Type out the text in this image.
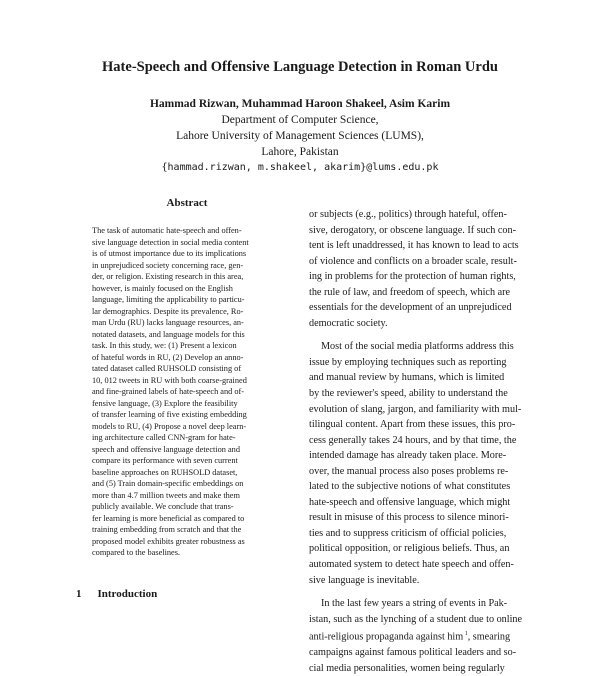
Hate-Speech and Offensive Language Detection in Roman Urdu
Hammad Rizwan, Muhammad Haroon Shakeel, Asim Karim
Department of Computer Science,
Lahore University of Management Sciences (LUMS),
Lahore, Pakistan
{hammad.rizwan, m.shakeel, akarim}@lums.edu.pk
Abstract
The task of automatic hate-speech and offen-
sive language detection in social media content
is of utmost importance due to its implications
in unprejudiced society concerning race, gen-
der, or religion. Existing research in this area,
however, is mainly focused on the English
language, limiting the applicability to particu-
lar demographics. Despite its prevalence, Ro-
man Urdu (RU) lacks language resources, an-
notated datasets, and language models for this
task. In this study, we: (1) Present a lexicon
of hateful words in RU, (2) Develop an anno-
tated dataset called RUHSOLD consisting of
10, 012 tweets in RU with both coarse-grained
and fine-grained labels of hate-speech and of-
fensive language, (3) Explore the feasibility
of transfer learning of five existing embedding
models to RU, (4) Propose a novel deep learn-
ing architecture called CNN-gram for hate-
speech and offensive language detection and
compare its performance with seven current
baseline approaches on RUHSOLD dataset,
and (5) Train domain-specific embeddings on
more than 4.7 million tweets and make them
publicly available. We conclude that trans-
fer learning is more beneficial as compared to
training embedding from scratch and that the
proposed model exhibits greater robustness as
compared to the baselines.
1 Introduction
or subjects (e.g., politics) through hateful, offen-
sive, derogatory, or obscene language. If such con-
tent is left unaddressed, it has known to lead to acts
of violence and conflicts on a broader scale, result-
ing in problems for the protection of human rights,
the rule of law, and freedom of speech, which are
essentials for the development of an unprejudiced
democratic society.
Most of the social media platforms address this
issue by employing techniques such as reporting
and manual review by humans, which is limited
by the reviewer's speed, ability to understand the
evolution of slang, jargon, and familiarity with mul-
tilingual content. Apart from these issues, this pro-
cess generally takes 24 hours, and by that time, the
intended damage has already taken place. More-
over, the manual process also poses problems re-
lated to the subjective notions of what constitutes
hate-speech and offensive language, which might
result in misuse of this process to silence minori-
ties and to suppress criticism of official policies,
political opposition, or religious beliefs. Thus, an
automated system to detect hate speech and offen-
sive language is inevitable.
In the last few years a string of events in Pak-
istan, such as the lynching of a student due to online
anti-religious propaganda against him $^1$, smearing
campaigns against famous political leaders and so-
cial media personalities, women being regularly
